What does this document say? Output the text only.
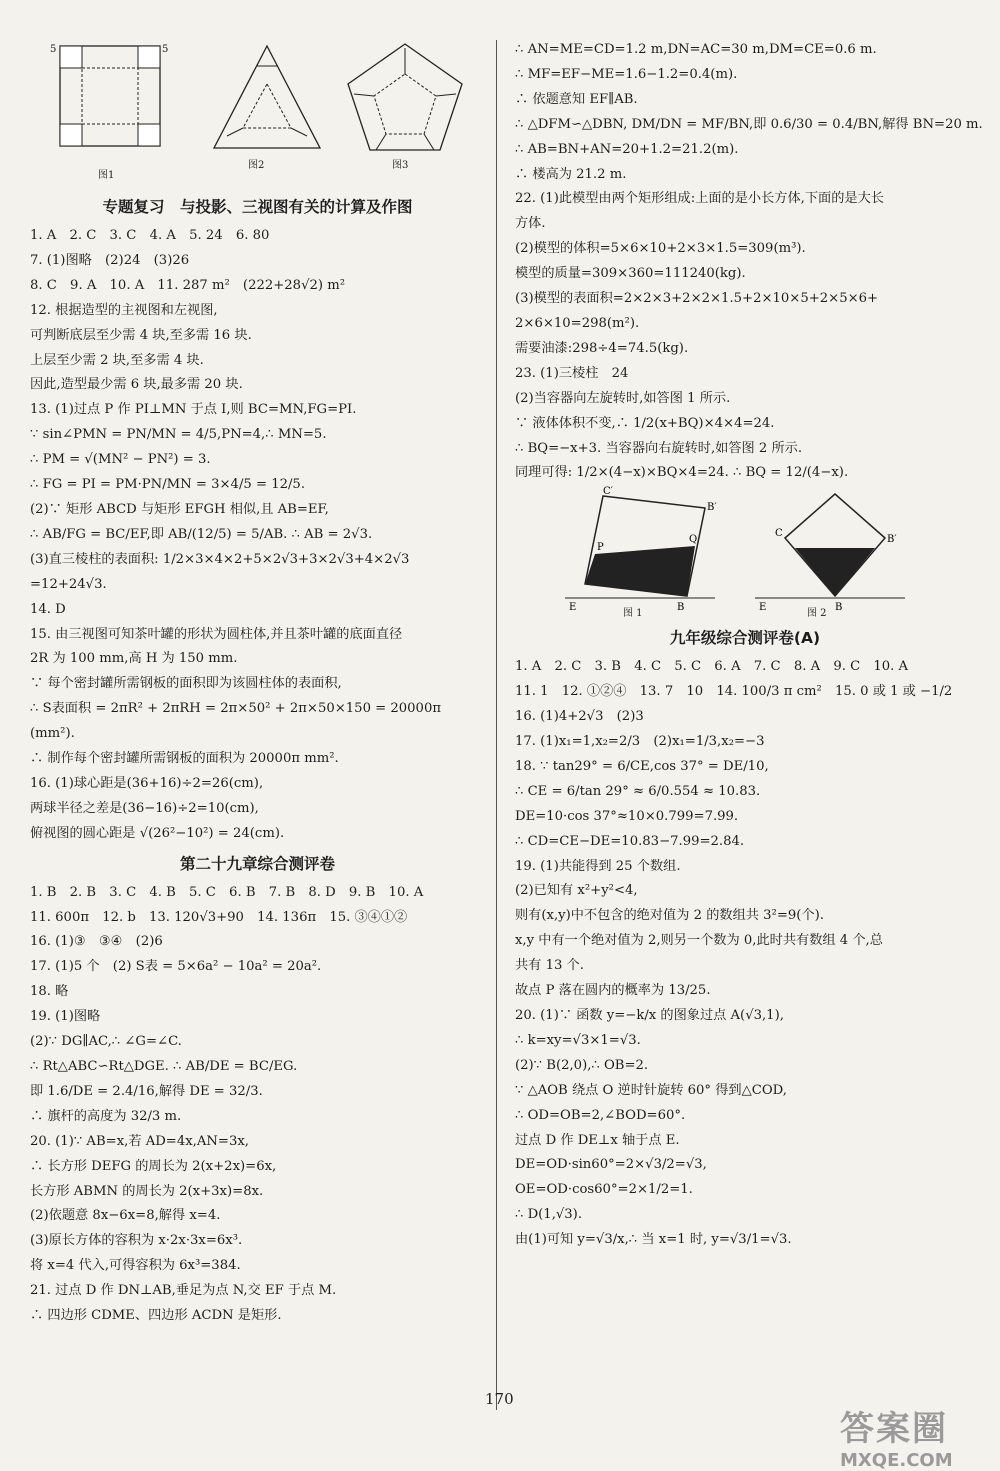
5	5
图1
图2	图3
专题复习　与投影、三视图有关的计算及作图
1. A　2. C　3. C　4. A　5. 24　6. 80
7. (1)图略　(2)24　(3)26
8. C　9. A　10. A　11. 287 m²　(222+28√2) m²
12. 根据造型的主视图和左视图,
可判断底层至少需 4 块,至多需 16 块.
上层至少需 2 块,至多需 4 块.
因此,造型最少需 6 块,最多需 20 块.
13. (1)过点 P 作 PI⊥MN 于点 I,则 BC=MN,FG=PI.
∵ sin∠PMN = PN/MN = 4/5,PN=4,∴ MN=5.
∴ PM = √(MN² − PN²) = 3.
∴ FG = PI = PM·PN/MN = 3×4/5 = 12/5.
(2)∵ 矩形 ABCD 与矩形 EFGH 相似,且 AB=EF,
∴ AB/FG = BC/EF,即 AB/(12/5) = 5/AB. ∴ AB = 2√3.
(3)直三棱柱的表面积: 1/2×3×4×2+5×2√3+3×2√3+4×2√3
=12+24√3.
14. D
15. 由三视图可知茶叶罐的形状为圆柱体,并且茶叶罐的底面直径
2R 为 100 mm,高 H 为 150 mm.
∵ 每个密封罐所需钢板的面积即为该圆柱体的表面积,
∴ S表面积 = 2πR² + 2πRH = 2π×50² + 2π×50×150 = 20000π
(mm²).
∴ 制作每个密封罐所需钢板的面积为 20000π mm².
16. (1)球心距是(36+16)÷2=26(cm),
两球半径之差是(36−16)÷2=10(cm),
俯视图的圆心距是 √(26²−10²) = 24(cm).
第二十九章综合测评卷
1. B　2. B　3. C　4. B　5. C　6. B　7. B　8. D　9. B　10. A
11. 600π　12. b　13. 120√3+90　14. 136π　15. ③④①②
16. (1)③　③④　(2)6
17. (1)5 个　(2) S表 = 5×6a² − 10a² = 20a².
18. 略
19. (1)图略
(2)∵ DG∥AC,∴ ∠G=∠C.
∴ Rt△ABC∽Rt△DGE. ∴ AB/DE = BC/EG.
即 1.6/DE = 2.4/16,解得 DE = 32/3.
∴ 旗杆的高度为 32/3 m.
20. (1)∵ AB=x,若 AD=4x,AN=3x,
∴ 长方形 DEFG 的周长为 2(x+2x)=6x,
长方形 ABMN 的周长为 2(x+3x)=8x.
(2)依题意 8x−6x=8,解得 x=4.
(3)原长方体的容积为 x·2x·3x=6x³.
将 x=4 代入,可得容积为 6x³=384.
21. 过点 D 作 DN⊥AB,垂足为点 N,交 EF 于点 M.
∴ 四边形 CDME、四边形 ACDN 是矩形.
∴ AN=ME=CD=1.2 m,DN=AC=30 m,DM=CE=0.6 m.
∴ MF=EF−ME=1.6−1.2=0.4(m).
∴ 依题意知 EF∥AB.
∴ △DFM∽△DBN, DM/DN = MF/BN,即 0.6/30 = 0.4/BN,解得 BN=20 m.
∴ AB=BN+AN=20+1.2=21.2(m).
∴ 楼高为 21.2 m.
22. (1)此模型由两个矩形组成:上面的是小长方体,下面的是大长
方体.
(2)模型的体积=5×6×10+2×3×1.5=309(m³).
模型的质量=309×360=111240(kg).
(3)模型的表面积=2×2×3+2×2×1.5+2×10×5+2×5×6+
2×6×10=298(m²).
需要油漆:298÷4=74.5(kg).
23. (1)三棱柱　24
(2)当容器向左旋转时,如答图 1 所示.
∵ 液体体积不变,∴ 1/2(x+BQ)×4×4=24.
∴ BQ=−x+3. 当容器向右旋转时,如答图 2 所示.
同理可得: 1/2×(4−x)×BQ×4=24. ∴ BQ = 12/(4−x).
C′
B′
P
Q
E	B
图 1
C
B′
E	B
图 2
九年级综合测评卷(A)
1. A　2. C　3. B　4. C　5. C　6. A　7. C　8. A　9. C　10. A
11. 1　12. ①②④　13. 7　10　14. 100/3 π cm²　15. 0 或 1 或 −1/2
16. (1)4+2√3　(2)3
17. (1)x₁=1,x₂=2/3　(2)x₁=1/3,x₂=−3
18. ∵ tan29° = 6/CE,cos 37° = DE/10,
∴ CE = 6/tan 29° ≈ 6/0.554 ≈ 10.83.
DE=10·cos 37°≈10×0.799=7.99.
∴ CD=CE−DE=10.83−7.99=2.84.
19. (1)共能得到 25 个数组.
(2)已知有 x²+y²<4,
则有(x,y)中不包含的绝对值为 2 的数组共 3²=9(个).
x,y 中有一个绝对值为 2,则另一个数为 0,此时共有数组 4 个,总
共有 13 个.
故点 P 落在圆内的概率为 13/25.
20. (1)∵ 函数 y=−k/x 的图象过点 A(√3,1),
∴ k=xy=√3×1=√3.
(2)∵ B(2,0),∴ OB=2.
∵ △AOB 绕点 O 逆时针旋转 60° 得到△COD,
∴ OD=OB=2,∠BOD=60°.
过点 D 作 DE⊥x 轴于点 E.
DE=OD·sin60°=2×√3/2=√3,
OE=OD·cos60°=2×1/2=1.
∴ D(1,√3).
由(1)可知 y=√3/x,∴ 当 x=1 时, y=√3/1=√3.
170
答案圈
MXQE.COM
